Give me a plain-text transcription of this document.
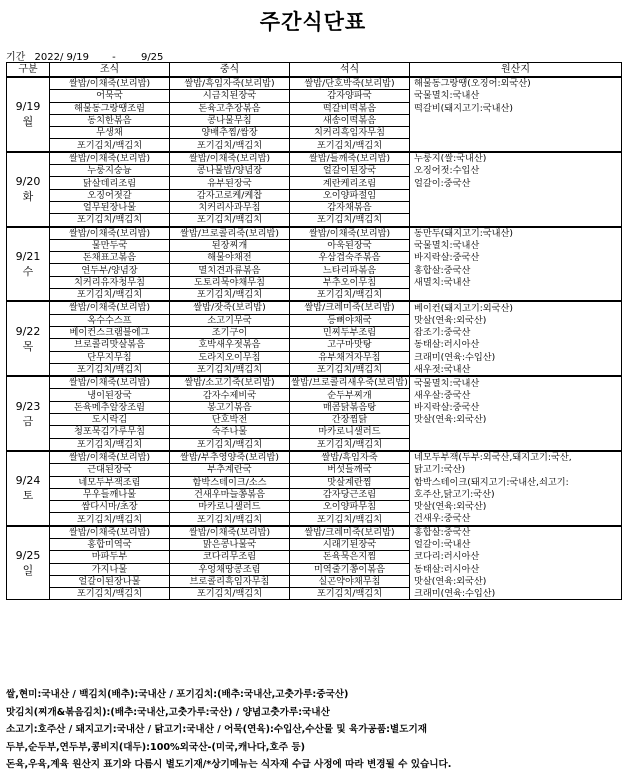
주간식단표
기간 2022/ 9/19 -	9/25
구분	조식	중식	석식	원산지

9/19
월	쌀밥/이채죽(보리밥)	쌀밥/흑임자죽(보리밥)	쌀밥/단호박죽(보리밥)	해물동그랑땡(오징어:외국산)
	어묵국	시금치된장국	감자양파국	국물멸치:국내산
	해물동그랑땡조림	돈육고추장볶음	떡갈비떡볶음	떡갈비(돼지고기:국내산)
	동치한볶음	콩나물무침	새송이떡볶음	
	무생채	양배추찜/쌈장	치커리흑임자무침	
	포기김치/백김치	포기김치/백김치	포기김치/백김치	

9/20
화	쌀밥/이채죽(보리밥)	쌀밥/이채죽(보리밥)	쌀밥/들깨죽(보리밥)	누룽지(쌀:국내산)
	누룽지숭늉	콩나물밥/양념장	얼갈이된장국	오징어젓:수입산
	닭살데리조림	유부된장국	계란케리조림	얼갈이:중국산
	오징어젓갈	감자고로케/케찹	오이양파절임	
	얼무된장나물	치커리사과무침	감자채볶음	
	포기김치/백김치	포기김치/백김치	포기김치/백김치	

9/21
수	쌀밥/이채죽(보리밥)	쌀밥/브로콜리죽(보리밥)	쌀밥/이채죽(보리밥)	동만두(돼지고기:국내산)
	물만두국	된장찌개	아욱된장국	국물멸치:국내산
	돈채표고볶음	해물야채전	우삼겹숙주볶음	바지락살:중국산
	연두부/양념장	멸치견과류볶음	느타리파볶음	홍합살:중국산
	치커리유자청무침	도토리묵야채무침	부추오이무침	새멸치:국내산
	포기김치/백김치	포기김치/백김치	포기김치/백김치	

9/22
목	쌀밥/이채죽(보리밥)	쌀밥/잣죽(보리밥)	쌀밥/크레미죽(보리밥)	베이컨(돼지고기:외국산)
	옥수수스프	소고기무국	등뼈야채국	맛살(연육:외국산)
	베이컨스크램블에그	조기구이	민찌두부조림	잡조기:중국산
	브로콜리맛살볶음	호박새우젓볶음	고구마맛탕	동태살:러시아산
	단무지무침	도라지오이무침	유부채겨자무침	크래미(연육:수입산)
	포기김치/백김치	포기김치/백김치	포기김치/백김치	새우젓:국내산

9/23
금	쌀밥/이채죽(보리밥)	쌀밥/소고기죽(보리밥)	쌀밥/브로콜리새우죽(보리밥)	국물멸치:국내산
	냉이된장국	감자수제비국	순두부찌개	새우살:중국산
	돈육메추알장조림	봉고기볶음	매콤닭볶음탕	바지락살:중국산
	도시락김	단호박전	간장찜닭	맛살(연육:외국산)
	청포묵김가루무침	숙주나물	마카로니샐러드	
	포기김치/백김치	포기김치/백김치	포기김치/백김치	

9/24
토	쌀밥/이채죽(보리밥)	쌀밥/부추영양죽(보리밥)	쌀밥/흑임자죽	네모두부잭(두부:외국산,돼지고기:국산,
	근대된장국	부추계란국	버섯들깨국	닭고기:국산)
	네모두부잭조림	함박스테이크/소스	맛살계란찜	함박스테이크(돼지고기:국내산,쇠고기:
	무우들깨나물	건새우마늘쫑볶음	감자당근조림	호주산,닭고기:국산)
	쌈다시마/초장	마카로니샐러드	오이양파무침	맛살(연육:외국산)
	포기김치/백김치	포기김치/백김치	포기김치/백김치	건새우:중국산

9/25
일	쌀밥/이채죽(보리밥)	쌀밥/이채죽(보리밥)	쌀밥/크레미죽(보리밥)	홍합살:중국산
	홍합미역국	맑은콩나물국	시래기된장국	얼갈이:국내산
	마파두부	코다리무조림	돈육묵은지찜	코다리:러시아산
	가지나물	우엉채땅콩조림	미역줄기쫑이볶음	동태살:러시아산
	얼갈이된장나물	브로콜리흑임자무침	실곤약야채무침	맛살(연육:외국산)
	포기김치/백김치	포기김치/백김치	포기김치/백김치	크래미(연육:수입산)
쌀,현미:국내산 / 백김치(배추):국내산 / 포기김치:(배추:국내산,고춧가루:중국산)
맛김치(찌개&볶음김치):(배추:국내산,고춧가루:국산) / 양념고춧가루:국내산
소고기:호주산 / 돼지고기:국내산 / 닭고기:국내산 / 어묵(연육):수입산,수산물 및 육가공품:별도기재
두부,순두부,연두부,콩비지(대두):100%외국산-(미국,캐나다,호주 등)
돈육,우육,계육 원산지 표기와 다름시 별도기재/*상기메뉴는 식자재 수급 사정에 따라 변경될 수 있습니다.
